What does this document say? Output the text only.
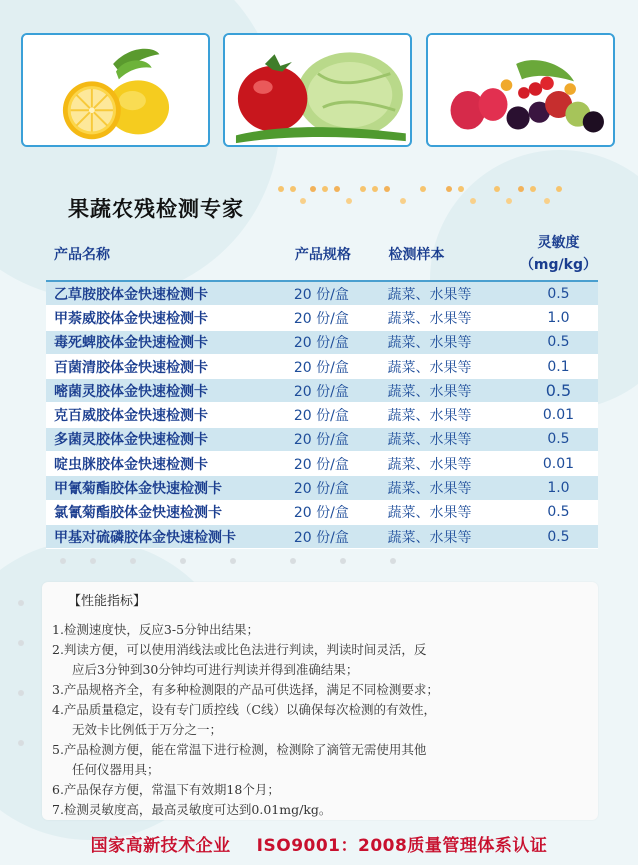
果蔬农残检测专家
产品名称	产品规格	检测样本	灵敏度
（mg/kg）

乙草胺胶体金快速检测卡	20 份/盒	蔬菜、水果等	0.5
甲萘威胶体金快速检测卡	20 份/盒	蔬菜、水果等	1.0
毒死蜱胶体金快速检测卡	20 份/盒	蔬菜、水果等	0.5
百菌清胶体金快速检测卡	20 份/盒	蔬菜、水果等	0.1
嘧菌灵胶体金快速检测卡	20 份/盒	蔬菜、水果等	0.5
克百威胶体金快速检测卡	20 份/盒	蔬菜、水果等	0.01
多菌灵胶体金快速检测卡	20 份/盒	蔬菜、水果等	0.5
啶虫脒胶体金快速检测卡	20 份/盒	蔬菜、水果等	0.01
甲氰菊酯胶体金快速检测卡	20 份/盒	蔬菜、水果等	1.0
氯氰菊酯胶体金快速检测卡	20 份/盒	蔬菜、水果等	0.5
甲基对硫磷胶体金快速检测卡	20 份/盒	蔬菜、水果等	0.5
【性能指标】
1.检测速度快，反应3-5分钟出结果；
2.判读方便，可以使用消线法或比色法进行判读，判读时间灵活，反
应后3分钟到30分钟均可进行判读并得到准确结果；
3.产品规格齐全，有多种检测限的产品可供选择，满足不同检测要求；
4.产品质量稳定，设有专门质控线（C线）以确保每次检测的有效性，
无效卡比例低于万分之一；
5.产品检测方便，能在常温下进行检测，检测除了滴管无需使用其他
任何仪器用具；
6.产品保存方便，常温下有效期18个月；
7.检测灵敏度高，最高灵敏度可达到0.01mg/kg。
国家高新技术企业 ISO9001：2008质量管理体系认证
